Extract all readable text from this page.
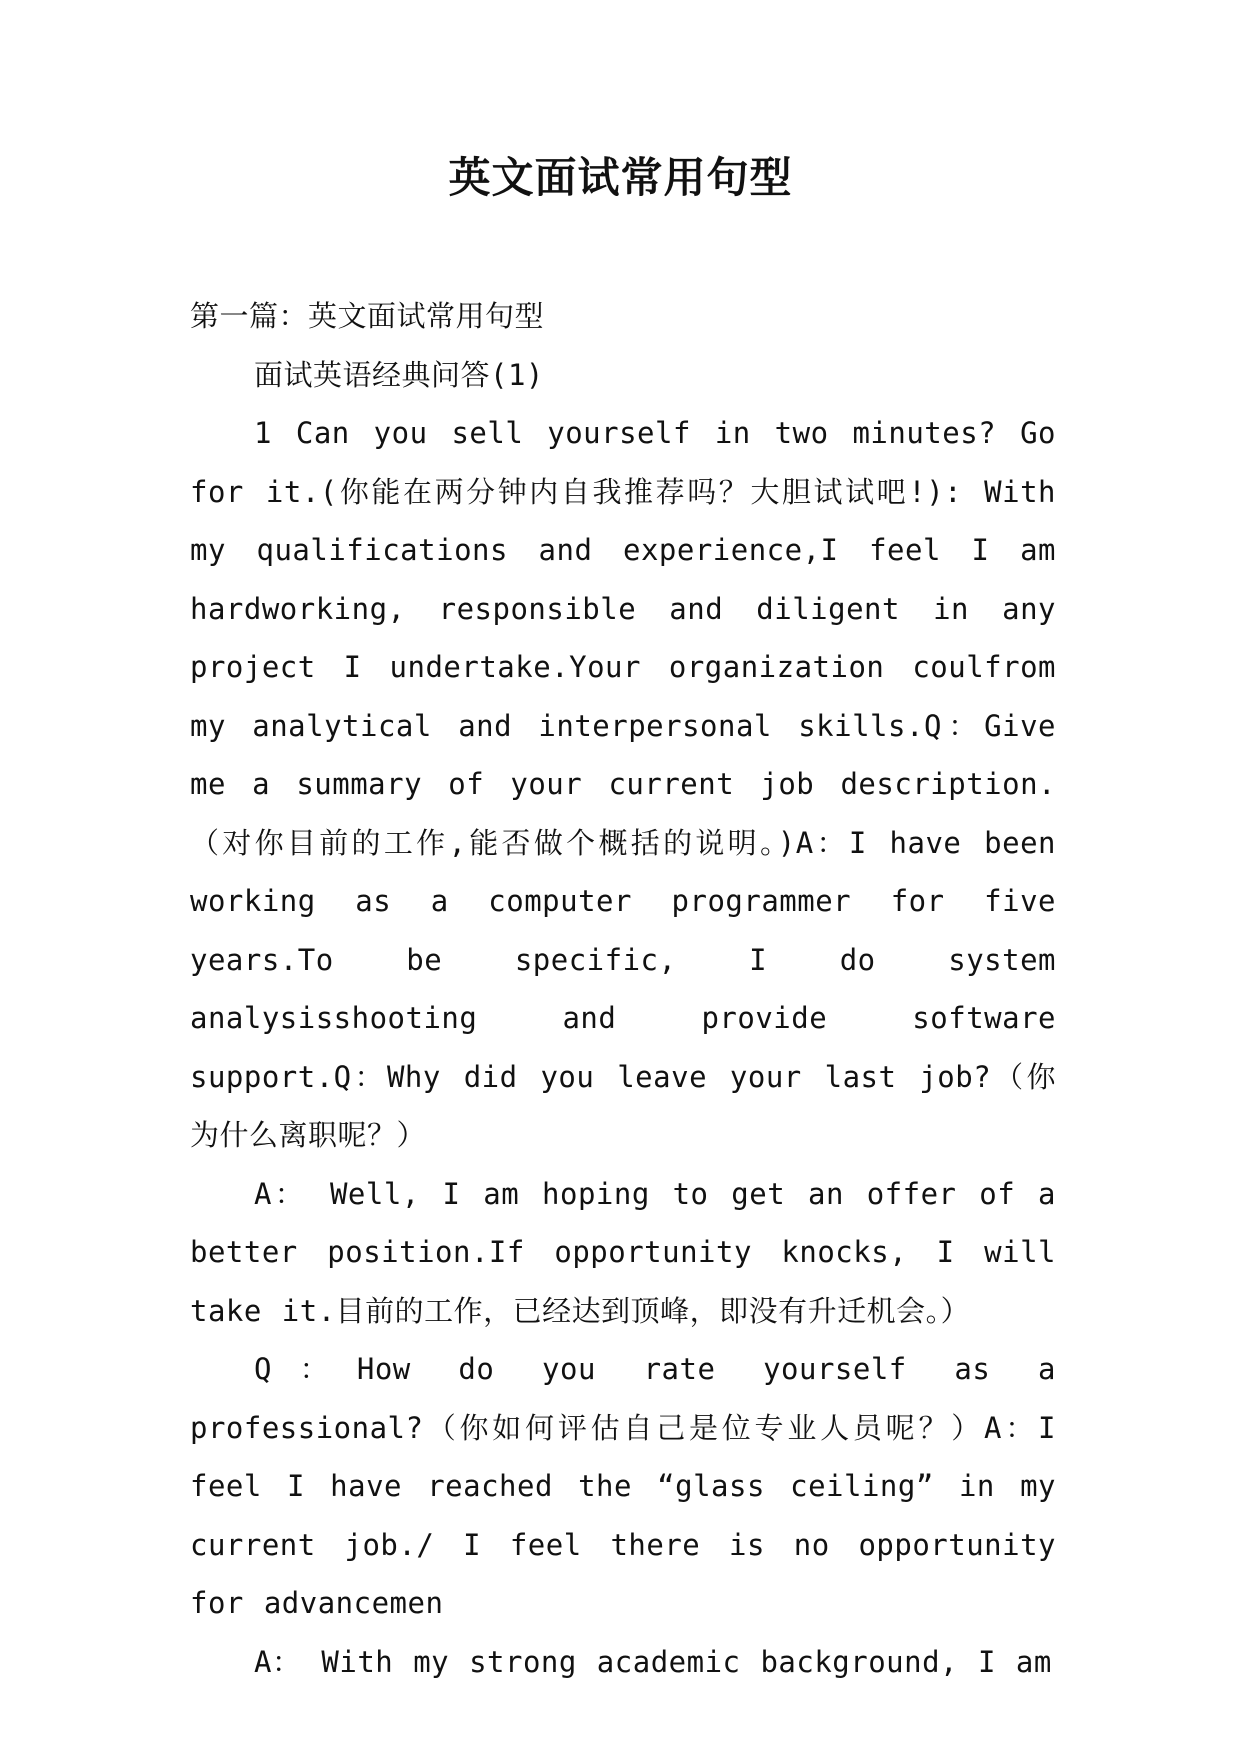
英文面试常用句型

第一篇：英文面试常用句型

面试英语经典问答(1)

1 Can you sell yourself in two minutes? Go for it.(你能在两分钟内自我推荐吗？大胆试试吧!): With my qualifications and experience,I feel I am hardworking, responsible and diligent in any project I undertake.Your organization coulfrom my analytical and interpersonal skills.Q：Give me a summary of your current job description.（对你目前的工作,能否做个概括的说明。)A：I have been working as a computer programmer for five years.To be specific, I do system analysisshooting and provide software support.Q：Why did you leave your last job?（你为什么离职呢？）

A： Well, I am hoping to get an offer of a better position.If opportunity knocks, I will take it.目前的工作，已经达到顶峰，即没有升迁机会。）

Q：How do you rate yourself as a professional?（你如何评估自己是位专业人员呢？）A：I feel I have reached the “glass ceiling” in my current job./ I feel there is no opportunity for advancemen

A： With my strong academic background, I am
